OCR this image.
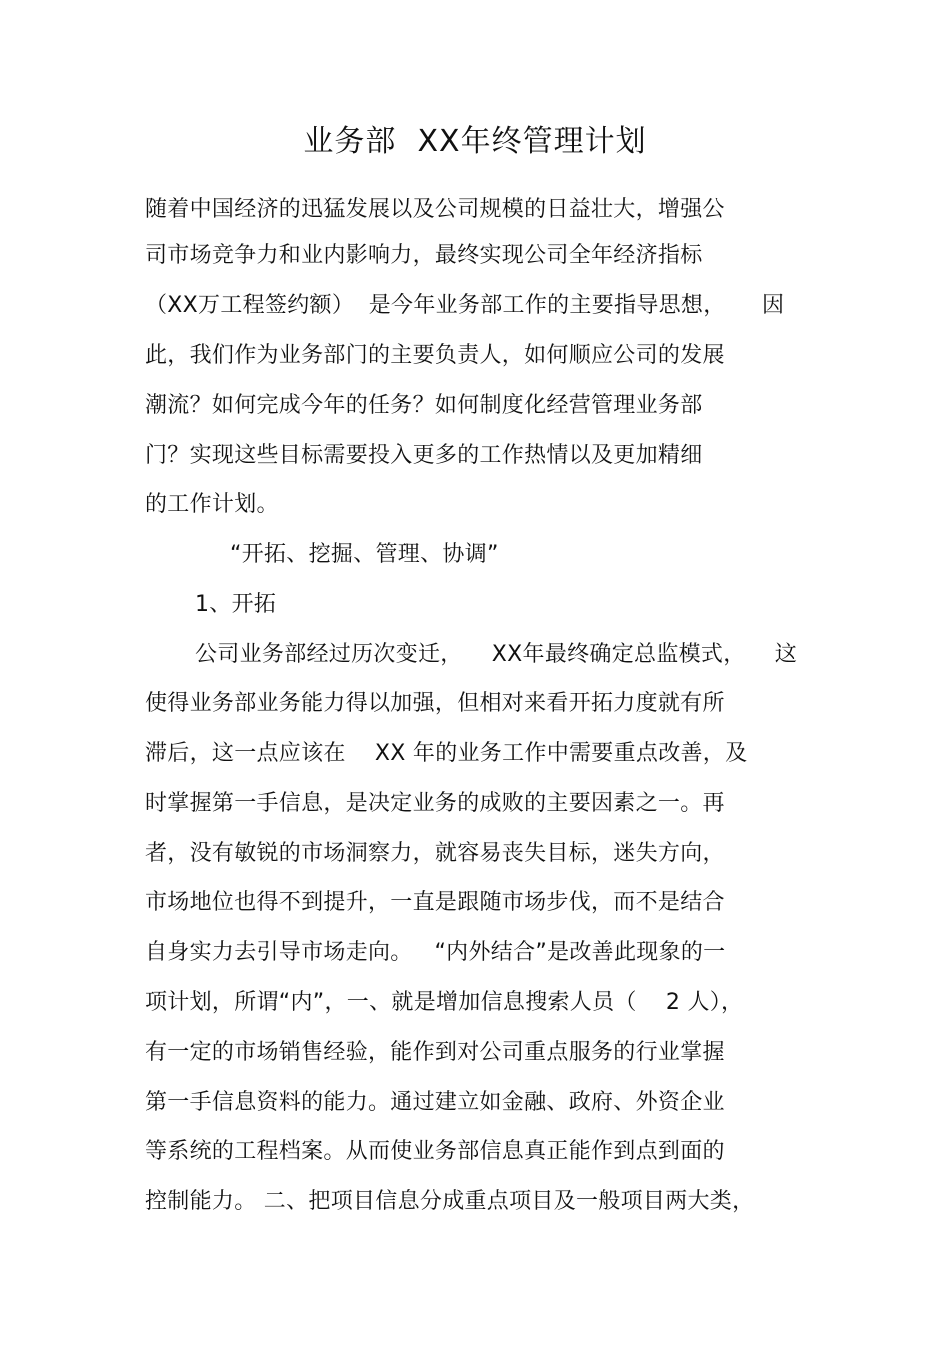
业务部  XX年终管理计划
随着中国经济的迅猛发展以及公司规模的日益壮大，增强公
司市场竞争力和业内影响力，最终实现公司全年经济指标
（XX万工程签约额）  是今年业务部工作的主要指导思想，     因
此，我们作为业务部门的主要负责人，如何顺应公司的发展
潮流？如何完成今年的任务？如何制度化经营管理业务部
门？实现这些目标需要投入更多的工作热情以及更加精细
的工作计划。
“开拓、挖掘、管理、协调”
1、开拓
公司业务部经过历次变迁，    XX年最终确定总监模式，    这
使得业务部业务能力得以加强，但相对来看开拓力度就有所
滞后，这一点应该在    XX 年的业务工作中需要重点改善，及
时掌握第一手信息，是决定业务的成败的主要因素之一。再
者，没有敏锐的市场洞察力，就容易丧失目标，迷失方向，
市场地位也得不到提升，一直是跟随市场步伐，而不是结合
自身实力去引导市场走向。   “内外结合”是改善此现象的一
项计划，所谓“内”，一、就是增加信息搜索人员（    2 人），
有一定的市场销售经验，能作到对公司重点服务的行业掌握
第一手信息资料的能力。通过建立如金融、政府、外资企业
等系统的工程档案。从而使业务部信息真正能作到点到面的
控制能力。 二、把项目信息分成重点项目及一般项目两大类，
